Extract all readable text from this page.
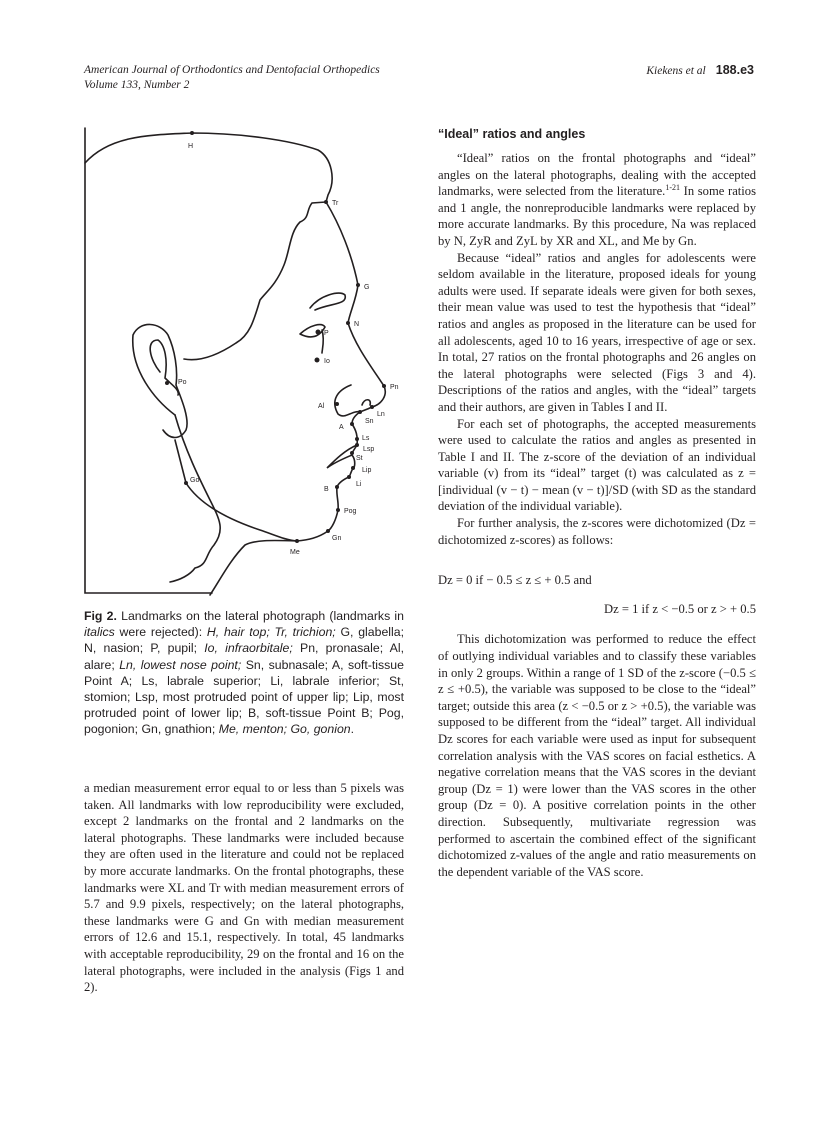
American Journal of Orthodontics and Dentofacial Orthopedics
Volume 133, Number 2
Kiekens et al 188.e3
H
Tr
G
N
P
Io
Po
Pn
Al
Ln
Sn
A
Ls
Lsp
St
Lip
Li
B
Go
Pog
Gn
Me
Fig 2. Landmarks on the lateral photograph (landmarks in italics were rejected): H, hair top; Tr, trichion; G, glabella; N, nasion; P, pupil; Io, infraorbitale; Pn, pronasale; Al, alare; Ln, lowest nose point; Sn, subnasale; A, soft-tissue Point A; Ls, labrale superior; Li, labrale inferior; St, stomion; Lsp, most protruded point of upper lip; Lip, most protruded point of lower lip; B, soft-tissue Point B; Pog, pogonion; Gn, gnathion; Me, menton; Go, gonion.

a median measurement error equal to or less than 5 pixels was taken. All landmarks with low reproducibility were excluded, except 2 landmarks on the frontal and 2 landmarks on the lateral photographs. These landmarks were included because they are often used in the literature and could not be replaced by more accurate landmarks. On the frontal photographs, these landmarks were XL and Tr with median measurement errors of 5.7 and 9.9 pixels, respectively; on the lateral photographs, these landmarks were G and Gn with median measurement errors of 12.6 and 15.1, respectively. In total, 45 landmarks with acceptable reproducibility, 29 on the frontal and 16 on the lateral photographs, were included in the analysis (Figs 1 and 2).

“Ideal” ratios and angles

“Ideal” ratios on the frontal photographs and “ideal” angles on the lateral photographs, dealing with the accepted landmarks, were selected from the literature.$^{1-21}$ In some ratios and 1 angle, the nonreproducible landmarks were replaced by more accurate landmarks. By this procedure, Na was replaced by N, ZyR and ZyL by XR and XL, and Me by Gn.

Because “ideal” ratios and angles for adolescents were seldom available in the literature, proposed ideals for young adults were used. If separate ideals were given for both sexes, their mean value was used to test the hypothesis that “ideal” ratios and angles as proposed in the literature can be used for all adolescents, aged 10 to 16 years, irrespective of age or sex. In total, 27 ratios on the frontal photographs and 26 angles on the lateral photographs were selected (Figs 3 and 4). Descriptions of the ratios and angles, with the “ideal” targets and their authors, are given in Tables I and II.

For each set of photographs, the accepted measurements were used to calculate the ratios and angles as presented in Table I and II. The z-score of the deviation of an individual variable (v) from its “ideal” target (t) was calculated as z = [individual (v − t) − mean (v − t)]/SD (with SD as the standard deviation of the individual variable).

For further analysis, the z-scores were dichotomized (Dz = dichotomized z-scores) as follows:

Dz = 0 if − 0.5 ≤ z ≤ + 0.5 and

Dz = 1 if z < −0.5 or z > + 0.5

This dichotomization was performed to reduce the effect of outlying individual variables and to classify these variables in only 2 groups. Within a range of 1 SD of the z-score (−0.5 ≤ z ≤ +0.5), the variable was supposed to be close to the “ideal” target; outside this area (z < −0.5 or z > +0.5), the variable was supposed to be different from the “ideal” target. All individual Dz scores for each variable were used as input for subsequent correlation analysis with the VAS scores on facial esthetics. A negative correlation means that the VAS scores in the deviant group (Dz = 1) were lower than the VAS scores in the other group (Dz = 0). A positive correlation points in the other direction. Subsequently, multivariate regression was performed to ascertain the combined effect of the significant dichotomized z-values of the angle and ratio measurements on the dependent variable of the VAS score.
